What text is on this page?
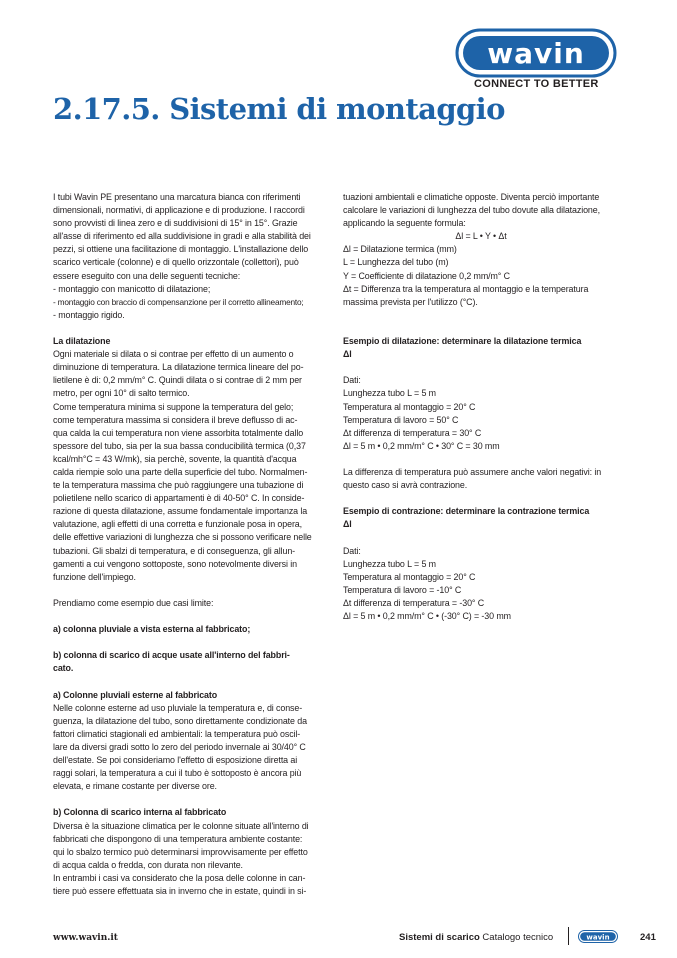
wavin
CONNECT TO BETTER
2.17.5. Sistemi di montaggio

I tubi Wavin PE presentano una marcatura bianca con riferimenti

dimensionali, normativi, di applicazione e di produzione. I raccordi

sono provvisti di linea zero e di suddivisioni di 15° in 15°. Grazie

all'asse di riferimento ed alla suddivisione in gradi e alla stabilità dei

pezzi, si ottiene una facilitazione di montaggio. L'installazione dello

scarico verticale (colonne) e di quello orizzontale (collettori), può

essere eseguito con una delle seguenti tecniche:

- montaggio con manicotto di dilatazione;

- montaggio con braccio di compensanzione per il corretto allineamento;

- montaggio rigido.

La dilatazione

Ogni materiale si dilata o si contrae per effetto di un aumento o

diminuzione di temperatura. La dilatazione termica lineare del po-

lietilene è di: 0,2 mm/m° C. Quindi dilata o si contrae di 2 mm per

metro, per ogni 10° di salto termico.

Come temperatura minima si suppone la temperatura del gelo;

come temperatura massima si considera il breve deflusso di ac-

qua calda la cui temperatura non viene assorbita totalmente dallo

spessore del tubo, sia per la sua bassa conducibilità termica (0,37

kcal/mh°C = 43 W/mk), sia perchè, sovente, la quantità d'acqua

calda riempie solo una parte della superficie del tubo. Normalmen-

te la temperatura massima che può raggiungere una tubazione di

polietilene nello scarico di appartamenti è di 40-50° C. In conside-

razione di questa dilatazione, assume fondamentale importanza la

valutazione, agli effetti di una corretta e funzionale posa in opera,

delle effettive variazioni di lunghezza che si possono verificare nelle

tubazioni. Gli sbalzi di temperatura, e di conseguenza, gli allun-

gamenti a cui vengono sottoposte, sono notevolmente diversi in

funzione dell'impiego.

Prendiamo come esempio due casi limite:

a) colonna pluviale a vista esterna al fabbricato;

b) colonna di scarico di acque usate all'interno del fabbri-

cato.

a) Colonne pluviali esterne al fabbricato

Nelle colonne esterne ad uso pluviale la temperatura e, di conse-

guenza, la dilatazione del tubo, sono direttamente condizionate da

fattori climatici stagionali ed ambientali: la temperatura può oscil-

lare da diversi gradi sotto lo zero del periodo invernale ai 30/40° C

dell'estate. Se poi consideriamo l'effetto di esposizione diretta ai

raggi solari, la temperatura a cui il tubo è sottoposto è ancora più

elevata, e rimane costante per diverse ore.

b) Colonna di scarico interna al fabbricato

Diversa è la situazione climatica per le colonne situate all'interno di

fabbricati che dispongono di una temperatura ambiente costante:

qui lo sbalzo termico può determinarsi improvvisamente per effetto

di acqua calda o fredda, con durata non rilevante.

In entrambi i casi va considerato che la posa delle colonne in can-

tiere può essere effettuata sia in inverno che in estate, quindi in si-

tuazioni ambientali e climatiche opposte. Diventa perciò importante

calcolare le variazioni di lunghezza del tubo dovute alla dilatazione,

applicando la seguente formula:

Δl = L • Y • Δt

Δl = Dilatazione termica (mm)

L = Lunghezza del tubo (m)

Y = Coefficiente di dilatazione 0,2 mm/m° C

Δt = Differenza tra la temperatura al montaggio e la temperatura

massima prevista per l'utilizzo (°C).

Esempio di dilatazione: determinare la dilatazione termica

Δl

Dati:

Lunghezza tubo L = 5 m

Temperatura al montaggio = 20° C

Temperatura di lavoro = 50° C

Δt differenza di temperatura = 30° C

Δl = 5 m • 0,2 mm/m° C • 30° C = 30 mm

La differenza di temperatura può assumere anche valori negativi: in

questo caso si avrà contrazione.

Esempio di contrazione: determinare la contrazione termica

Δl

Dati:

Lunghezza tubo L = 5 m

Temperatura al montaggio = 20° C

Temperatura di lavoro = -10° C

Δt differenza di temperatura = -30° C

Δl = 5 m • 0,2 mm/m° C • (-30° C) = -30 mm

www.wavin.it	Sistemi di scarico Catalogo tecnico	wavin	241
